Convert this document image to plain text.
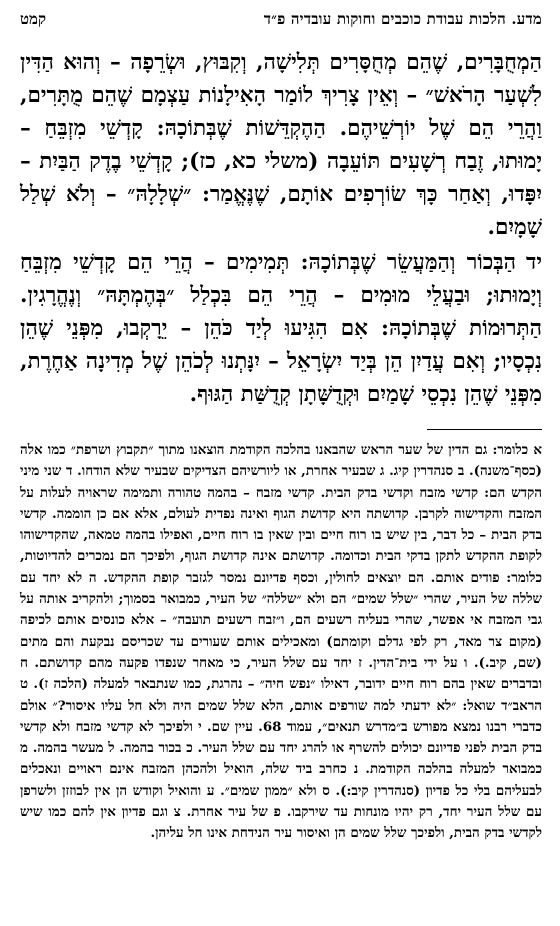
מדע. הלכות עבודת כוכבים וחוקות עובדיה פ״ד
קמט

הַמְחֻבָּרִים, שֶׁהֵם מְחֻסָּרִים תְּלִישָׁה, וְקִבּוּץ, וּשְׂרֵפָה – וְהוּא הַדִּין לִשְׁעַר הָרֹאשׁ״ – וְאֵין צָרִיךְ לוֹמַר הָאִילָנוֹת עַצְמָם שֶׁהֵם מֻתָּרִים, וַהֲרֵי הֵם שֶׁל יוֹרְשֵׁיהֶם. הַהֶקְדֵּשׁוֹת שֶׁבְּתוֹכָהּ: קָדְשֵׁי מִזְבֵּחַ – יָמוּתוּ, זֶבַח רְשָׁעִים תּוֹעֵבָה (משלי כא, כז); קָדְשֵׁי בֶדֶק הַבַּיִת – יִפָּדוּ, וְאַחַר כָּךְ שׂוֹרְפִים אוֹתָם, שֶׁנֶּאֱמַר: ״שְׁלָלָהּ״ – וְלֹא שְׁלַל שָׁמָיִם.

ידהַבְּכוֹר וְהַמַּעֲשֵׂר שֶׁבְּתוֹכָהּ: תְּמִימִים – הֲרֵי הֵם קָדְשֵׁי מִזְבֵּחַ וְיָמוּתוּ; וּבַעֲלֵי מוּמִים – הֲרֵי הֵם בִּכְלַל ״בְּהֶמְתָּהּ״ וְנֶהֱרָגִין. הַתְּרוּמוֹת שֶׁבְּתוֹכָהּ: אִם הִגִּיעוּ לְיַד כֹּהֵן – יֵרָקְבוּ, מִפְּנֵי שֶׁהֵן נִכְסָיו; וְאִם עֲדַיִן הֵן בְּיַד יִשְׂרָאֵל – יִנָּתְנוּ לְכֹהֵן שֶׁל מְדִינָה אַחֶרֶת, מִפְּנֵי שֶׁהֵן נִכְסֵי שָׁמַיִם וּקְדֻשָּׁתָן קְדֻשַּׁת הַגּוּף.

א כלומר: גם הדין של שער הראש שהבאנו בהלכה הקודמת הוצאנו מתוך ״תקבוץ ושרפת״ כמו אלה (כסף־משנה). ב סנהדרין קיג. ג שבעיר אחרת, או ליורשיהם הצדיקים שבעיר שלא הודחו. ד שני מיני הקדש הם: קדשי מזבח וקדשי בדק הבית. קדשי מזבח – בהמה טהורה ותמימה שראויה לעלות על המזבח והקדישוה לקרבן. קדושתה היא קדושת הגוף ואינה נפדית לעולם, אלא אם כן הוממה. קדשי בדק הבית – כל דבר, בין שיש בו רוח חיים ובין שאין בו רוח חיים, ואפילו בהמה טמאה, שהקדישוהו לקופת ההקדש לתקן בדקי הבית וכדומה. קדושתם אינה קדושת הגוף, ולפיכך הם נמכרים להדיוטות, כלומר: פודים אותם. הם יוצאים לחולין, וכסף פדיונם נמסר לגזבר קופת ההקדש. ה לא יחד עם שללה של העיר, שהרי ״שלל שמים״ הם ולא ״שללה״ של העיר, כמבואר בסמוך; ולהקריב אותה על גבי המזבח אי אפשר, שהרי בעליה רשעים הם, ו״זבח רשעים תועבה״ – אלא כונסים אותם לכיפה (מקום צר מאד, רק לפי גדלם וקומתם) ומאכילים אותם שעורים עד שכריסם נבקעת והם מתים (שם, קיב.). ו על ידי בית־הדין. ז יחד עם שלל העיר, כי מאחר שנפדו פקעה מהם קדושתם. ח ובדברים שאין בהם רוח חיים ידובר, דאילו ״נפש חיה״ – נהרגת, כמו שנתבאר למעלה (הלכה ז). ט הראב״ד שואל: ״לא ידעתי למה שורפים אותם, הלא שלל שמים היה ולא חל עליו איסור?״ אולם כדברי רבנו נמצא מפורש ב״מדרש תנאים״, עמוד 68. עיין שם. י ולפיכך לא קדשי מזבח ולא קדשי בדק הבית לפני פדיונם יכולים להשרף או להרג יחד עם שלל העיר. כ בכור בהמה. ל מעשר בהמה. מ כמבואר למעלה בהלכה הקודמת. נ כחרב ביד שלה, הואיל ולהכהן המזבח אינם ראויים ונאכלים לבעליהם בלי כל פדיון (סנהדרין קיב:). ס ולא ״ממון שמים״. ע והואיל וקודש הן אין לבוזזן ולשרפן עם שלל העיר יחד, רק יהיו מונחות עד שירקבו. פ של עיר אחרת. צ וגם פדיון אין להם כמו שיש לקדשי בדק הבית, ולפיכך שלל שמים הן ואיסור עיר הנידחת אינו חל עליהן.
